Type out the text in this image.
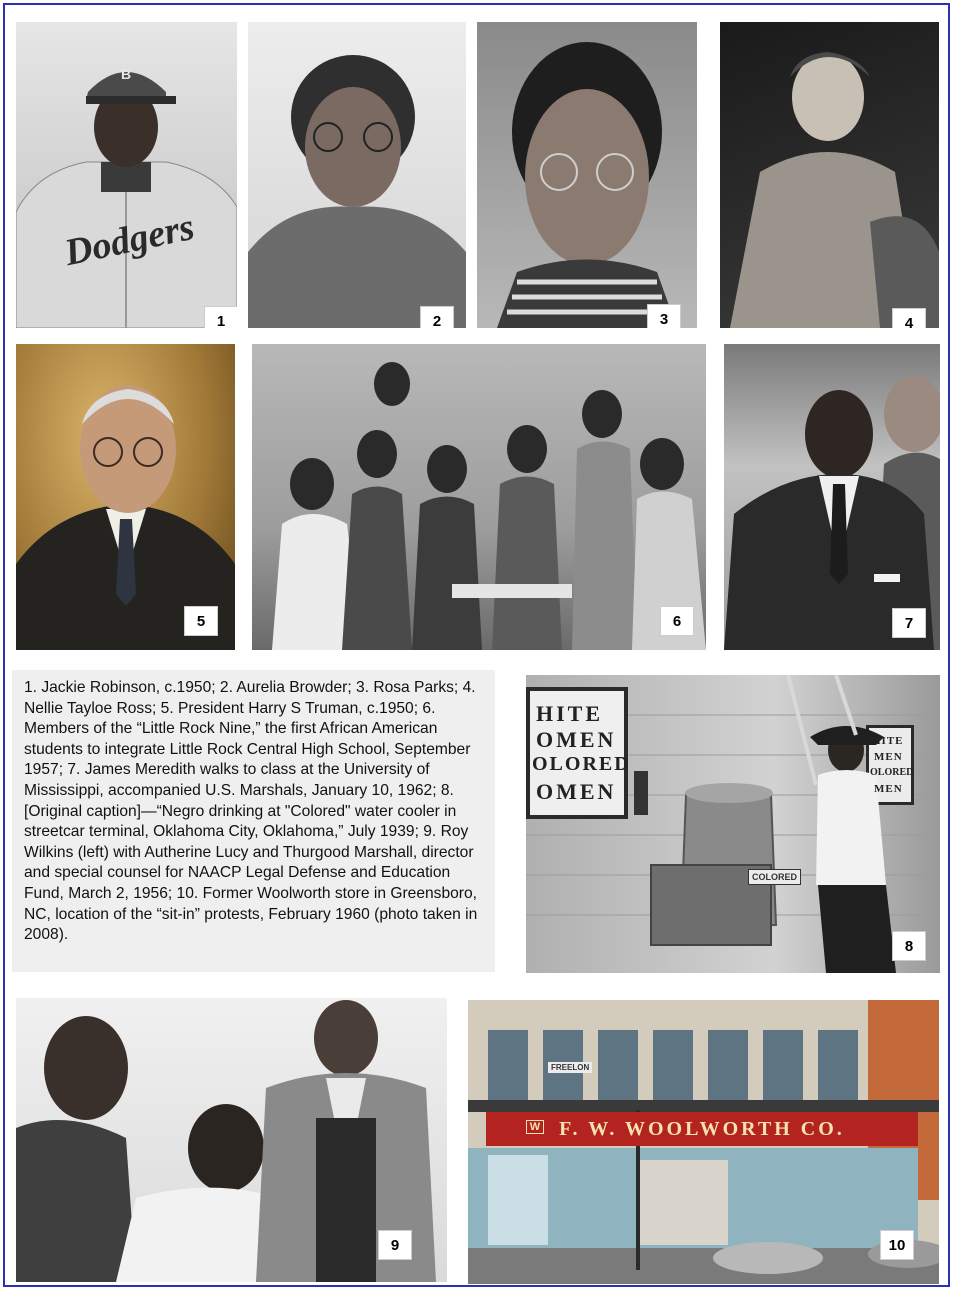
B
Dodgers
1	2	3	4
5	6	7
1. Jackie Robinson, c.1950; 2. Aurelia Browder; 3. Rosa Parks; 4. Nellie Tayloe Ross; 5. President Harry S Truman, c.1950; 6. Members of the “Little Rock Nine,” the first African American students to integrate Little Rock Central High School, September 1957; 7. James Meredith walks to class at the University of Mississippi, accompanied U.S. Marshals, January 10, 1962; 8. [Original caption]—“Negro drinking at "Colored" water cooler in streetcar terminal, Oklahoma City, Oklahoma,” July 1939; 9. Roy Wilkins (left) with Autherine Lucy and Thurgood Marshall, director and special counsel for NAACP Legal Defense and Education Fund, March 2, 1956; 10. Former Woolworth store in Greensboro, NC, location of the “sit-in” protests, February 1960 (photo taken in 2008).
HITE
OMEN
OLORED
OMEN
HITE
MEN
OLORED
MEN
COLORED
8
9
F. W. WOOLWORTH CO.
FREELON
W
10
